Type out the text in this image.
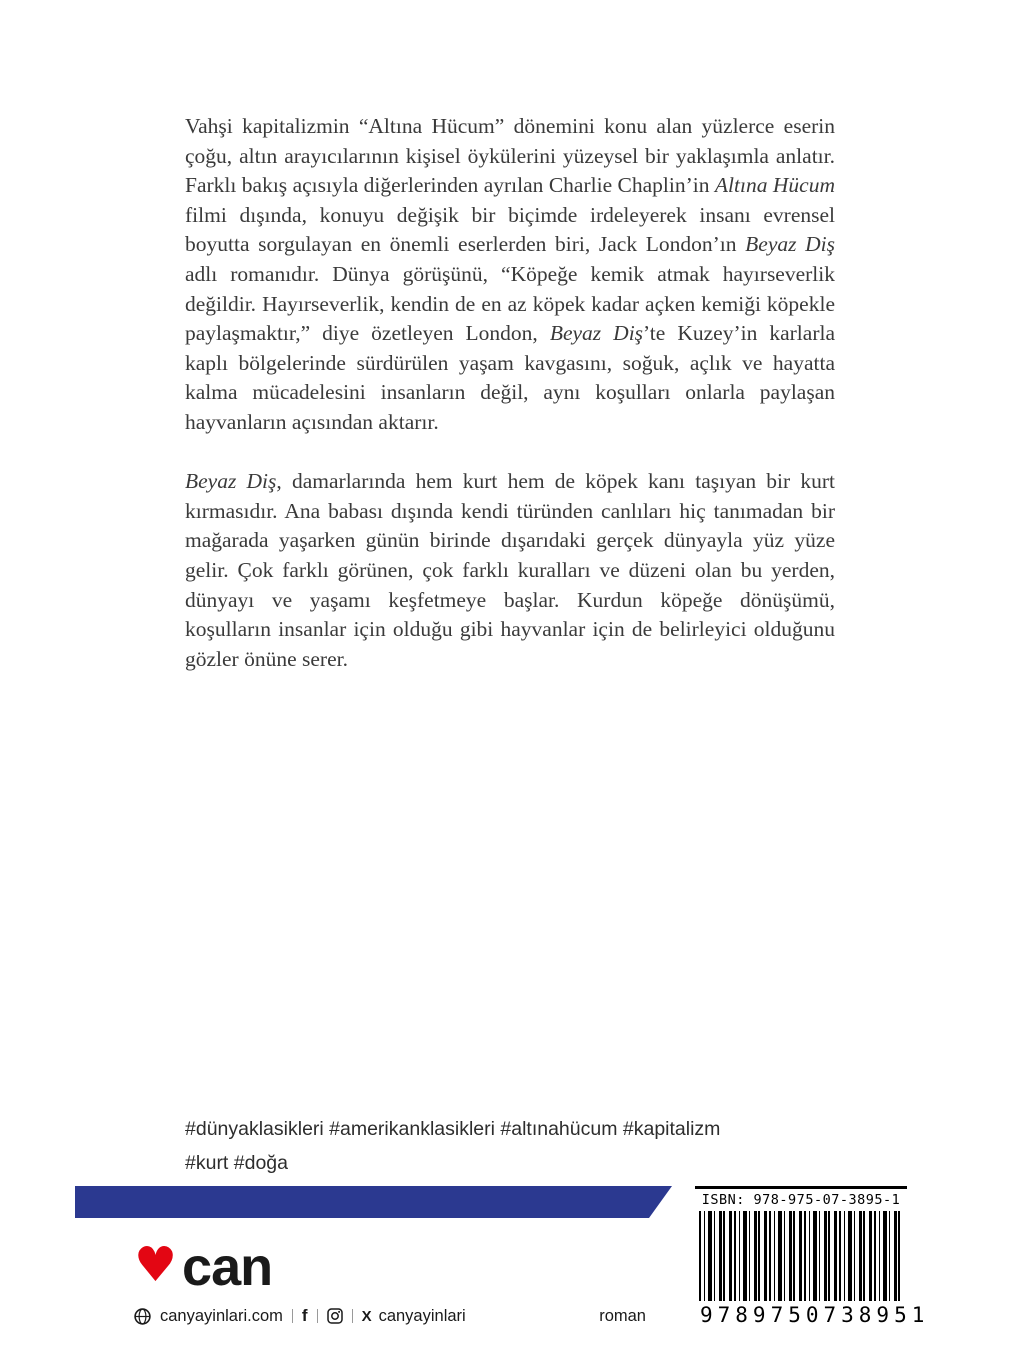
Vahşi kapitalizmin “Altına Hücum” dönemini konu alan yüzlerce eserin çoğu, altın arayıcılarının kişisel öykülerini yüzeysel bir yaklaşımla anlatır. Farklı bakış açısıyla diğerlerinden ayrılan Charlie Chaplin’in Altına Hücum filmi dışında, konuyu değişik bir biçimde irdeleyerek insanı evrensel boyutta sorgulayan en önemli eserlerden biri, Jack London’ın Beyaz Diş adlı romanıdır. Dünya görüşünü, “Köpeğe kemik atmak hayırseverlik değildir. Hayırseverlik, kendin de en az köpek kadar açken kemiği köpekle paylaşmaktır,” diye özetleyen London, Beyaz Diş’te Kuzey’in karlarla kaplı bölgelerinde sürdürülen yaşam kavgasını, soğuk, açlık ve hayatta kalma mücadelesini insanların değil, aynı koşulları onlarla paylaşan hayvanların açısından aktarır.
Beyaz Diş, damarlarında hem kurt hem de köpek kanı taşıyan bir kurt kırmasıdır. Ana babası dışında kendi türünden canlıları hiç tanımadan bir mağarada yaşarken günün birinde dışarıdaki gerçek dünyayla yüz yüze gelir. Çok farklı görünen, çok farklı kuralları ve düzeni olan bu yerden, dünyayı ve yaşamı keşfetmeye başlar. Kurdun köpeğe dönüşümü, koşulların insanlar için olduğu gibi hayvanlar için de belirleyici olduğunu gözler önüne serer.
#dünyaklasikleri #amerikanklasikleri #altınahücum #kapitalizm
#kurt #doğa
♥ can
canyayinlari.com f	X canyayinlari	roman
ISBN: 978-975-07-3895-1
9789750738951
